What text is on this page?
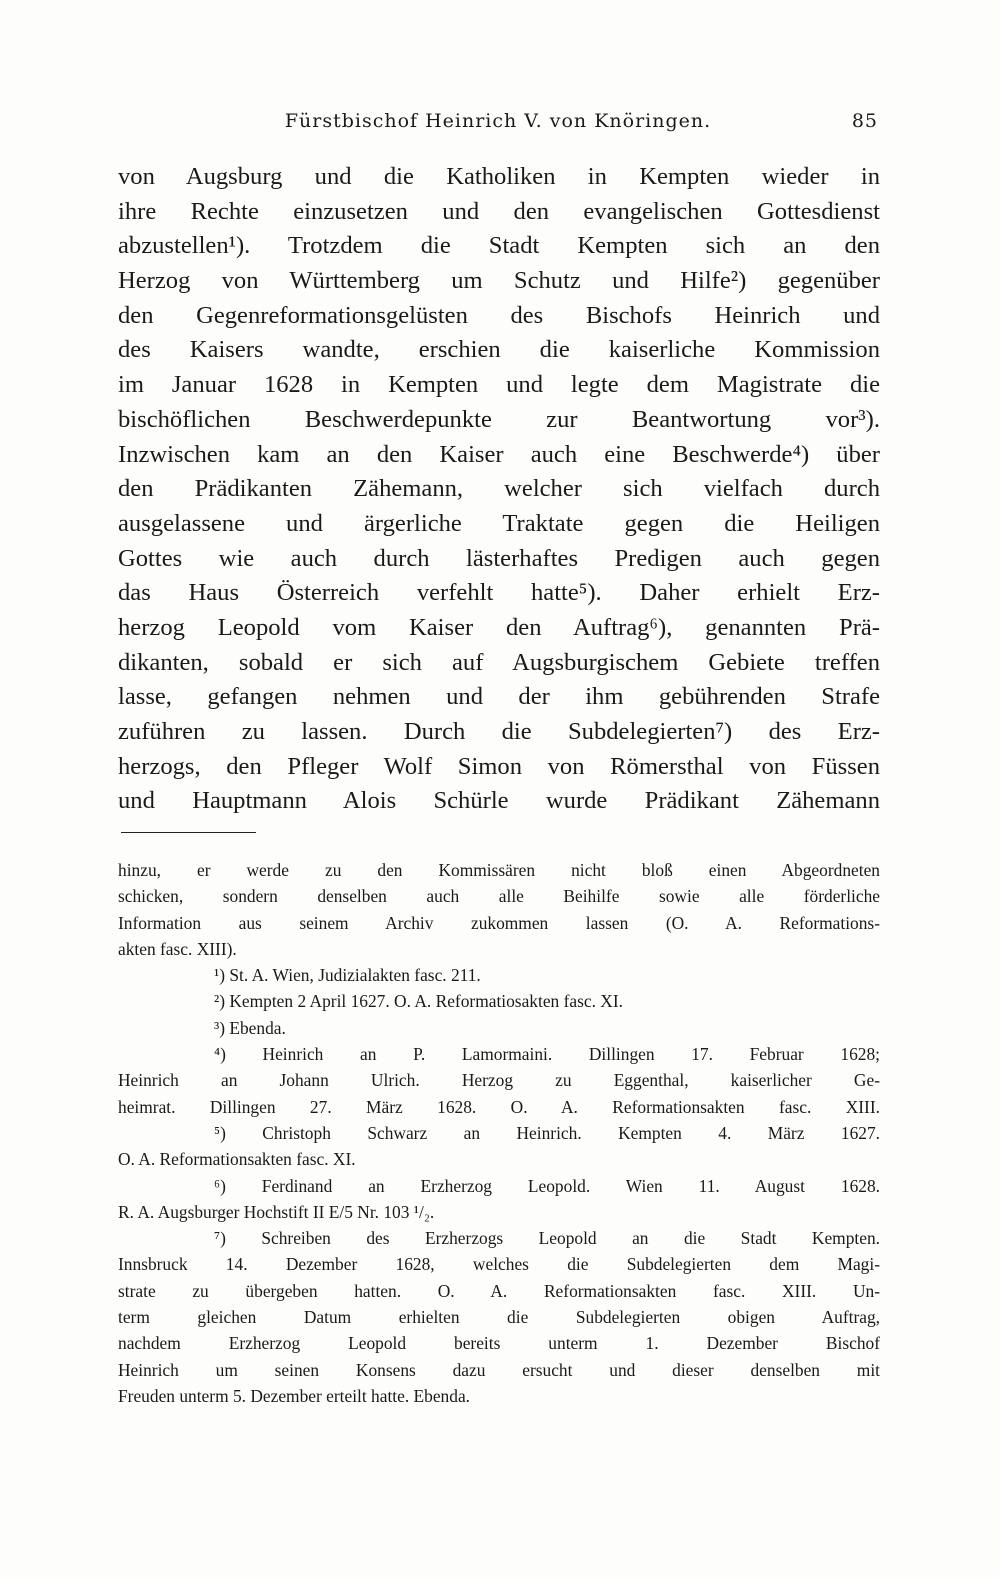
Fürstbischof Heinrich V. von Knöringen.	85
von Augsburg und die Katholiken in Kempten wieder in
ihre Rechte einzusetzen und den evangelischen Gottesdienst
abzustellen¹). Trotzdem die Stadt Kempten sich an den
Herzog von Württemberg um Schutz und Hilfe²) gegenüber
den Gegenreformationsgelüsten des Bischofs Heinrich und
des Kaisers wandte, erschien die kaiserliche Kommission
im Januar 1628 in Kempten und legte dem Magistrate die
bischöflichen Beschwerdepunkte zur Beantwortung vor³).
Inzwischen kam an den Kaiser auch eine Beschwerde⁴) über
den Prädikanten Zähemann, welcher sich vielfach durch
ausgelassene und ärgerliche Traktate gegen die Heiligen
Gottes wie auch durch lästerhaftes Predigen auch gegen
das Haus Österreich verfehlt hatte⁵). Daher erhielt Erz-
herzog Leopold vom Kaiser den Auftrag⁶), genannten Prä-
dikanten, sobald er sich auf Augsburgischem Gebiete treffen
lasse, gefangen nehmen und der ihm gebührenden Strafe
zuführen zu lassen. Durch die Subdelegierten⁷) des Erz-
herzogs, den Pfleger Wolf Simon von Römersthal von Füssen
und Hauptmann Alois Schürle wurde Prädikant Zähemann
hinzu, er werde zu den Kommissären nicht bloß einen Abgeordneten
schicken, sondern denselben auch alle Beihilfe sowie alle förderliche
Information aus seinem Archiv zukommen lassen (O. A. Reformations-
akten fasc. XIII).
¹) St. A. Wien, Judizialakten fasc. 211.
²) Kempten 2 April 1627. O. A. Reformatiosakten fasc. XI.
³) Ebenda.
⁴) Heinrich an P. Lamormaini. Dillingen 17. Februar 1628;
Heinrich an Johann Ulrich. Herzog zu Eggenthal, kaiserlicher Ge-
heimrat. Dillingen 27. März 1628. O. A. Reformationsakten fasc. XIII.
⁵) Christoph Schwarz an Heinrich. Kempten 4. März 1627.
O. A. Reformationsakten fasc. XI.
⁶) Ferdinand an Erzherzog Leopold. Wien 11. August 1628.
R. A. Augsburger Hochstift II E/5 Nr. 103 ¹/₂.
⁷) Schreiben des Erzherzogs Leopold an die Stadt Kempten.
Innsbruck 14. Dezember 1628, welches die Subdelegierten dem Magi-
strate zu übergeben hatten. O. A. Reformationsakten fasc. XIII. Un-
term gleichen Datum erhielten die Subdelegierten obigen Auftrag,
nachdem Erzherzog Leopold bereits unterm 1. Dezember Bischof
Heinrich um seinen Konsens dazu ersucht und dieser denselben mit
Freuden unterm 5. Dezember erteilt hatte. Ebenda.
